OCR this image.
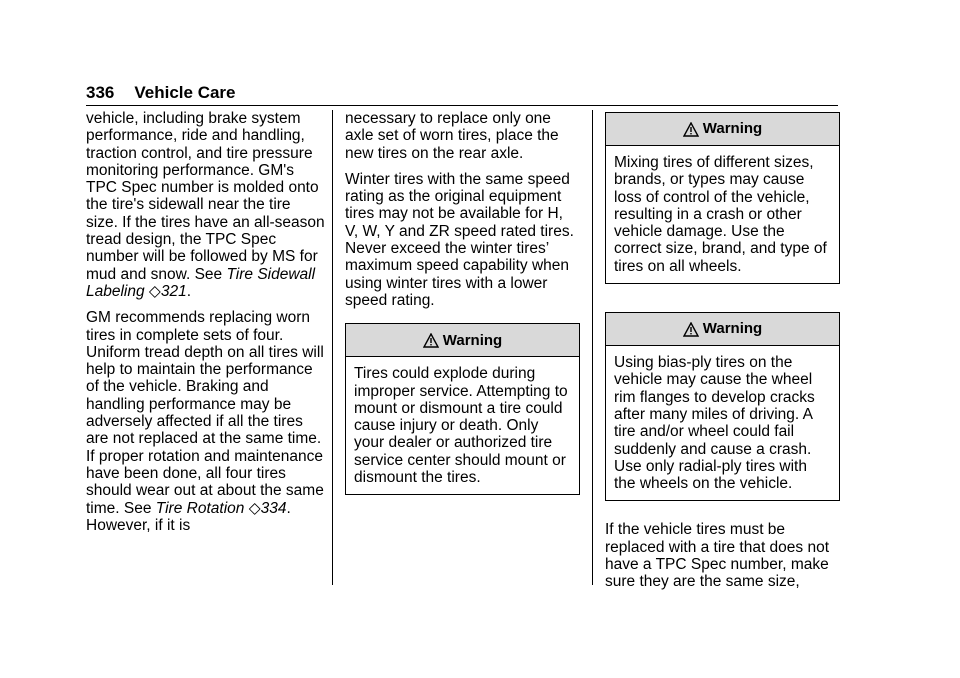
336 Vehicle Care

vehicle, including brake system performance, ride and handling, traction control, and tire pressure monitoring performance. GM's TPC Spec number is molded onto the tire's sidewall near the tire size. If the tires have an all-season tread design, the TPC Spec number will be followed by MS for mud and snow. See Tire Sidewall Labeling ◇321.

GM recommends replacing worn tires in complete sets of four. Uniform tread depth on all tires will help to maintain the performance of the vehicle. Braking and handling performance may be adversely affected if all the tires are not replaced at the same time.

If proper rotation and maintenance have been done, all four tires should wear out at about the same time. See Tire Rotation ◇334. However, if it is

necessary to replace only one axle set of worn tires, place the new tires on the rear axle.

Winter tires with the same speed rating as the original equipment tires may not be available for H, V, W, Y and ZR speed rated tires. Never exceed the winter tires’ maximum speed capability when using winter tires with a lower speed rating.

Warning
Tires could explode during improper service. Attempting to mount or dismount a tire could cause injury or death. Only your dealer or authorized tire service center should mount or dismount the tires.
Warning
Mixing tires of different sizes, brands, or types may cause loss of control of the vehicle, resulting in a crash or other vehicle damage. Use the correct size, brand, and type of tires on all wheels.
Warning
Using bias-ply tires on the vehicle may cause the wheel rim flanges to develop cracks after many miles of driving. A tire and/or wheel could fail suddenly and cause a crash. Use only radial-ply tires with the wheels on the vehicle.

If the vehicle tires must be replaced with a tire that does not have a TPC Spec number, make sure they are the same size,
